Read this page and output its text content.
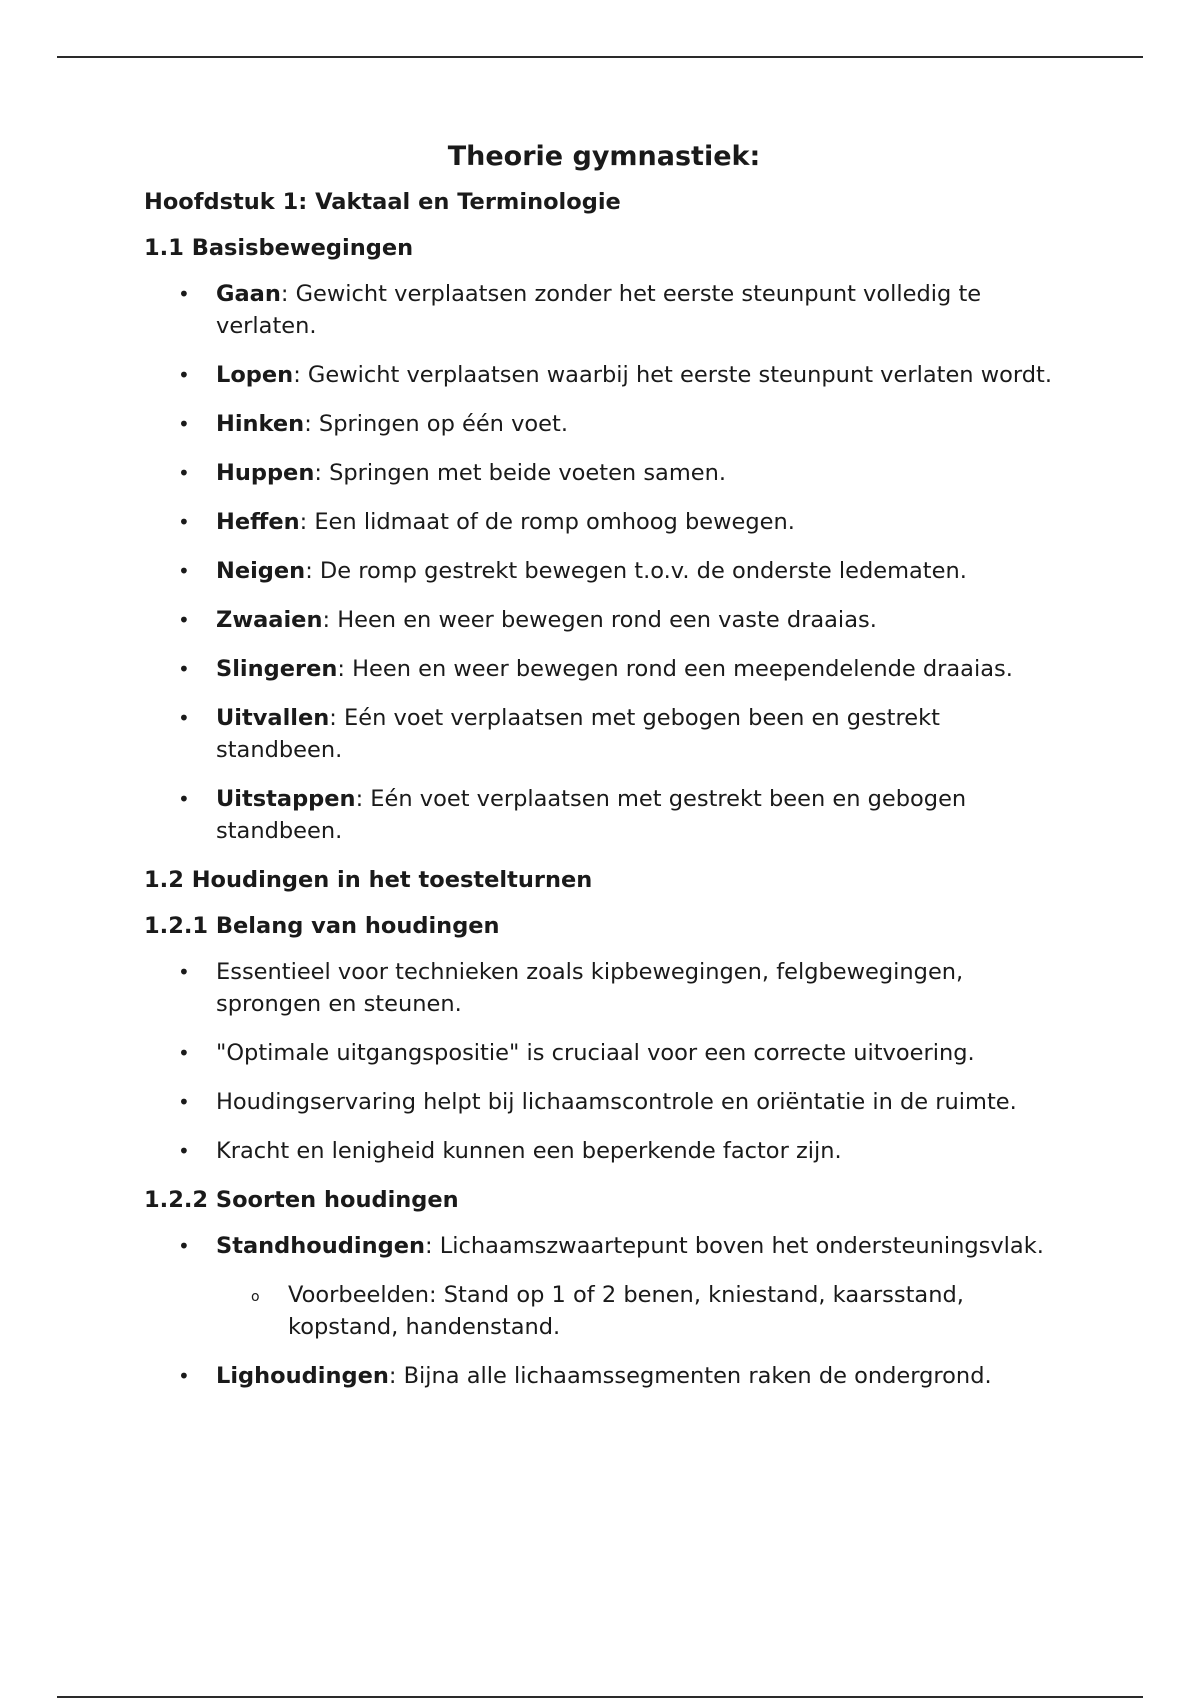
Theorie gymnastiek:
Hoofdstuk 1: Vaktaal en Terminologie
1.1 Basisbewegingen
• Gaan: Gewicht verplaatsen zonder het eerste steunpunt volledig te verlaten.
• Lopen: Gewicht verplaatsen waarbij het eerste steunpunt verlaten wordt.
• Hinken: Springen op één voet.
• Huppen: Springen met beide voeten samen.
• Heffen: Een lidmaat of de romp omhoog bewegen.
• Neigen: De romp gestrekt bewegen t.o.v. de onderste ledematen.
• Zwaaien: Heen en weer bewegen rond een vaste draaias.
• Slingeren: Heen en weer bewegen rond een meependelende draaias.
• Uitvallen: Eén voet verplaatsen met gebogen been en gestrekt standbeen.
• Uitstappen: Eén voet verplaatsen met gestrekt been en gebogen standbeen.
1.2 Houdingen in het toestelturnen
1.2.1 Belang van houdingen
• Essentieel voor technieken zoals kipbewegingen, felgbewegingen, sprongen en steunen.
• "Optimale uitgangspositie" is cruciaal voor een correcte uitvoering.
• Houdingservaring helpt bij lichaamscontrole en oriëntatie in de ruimte.
• Kracht en lenigheid kunnen een beperkende factor zijn.
1.2.2 Soorten houdingen
• Standhoudingen: Lichaamszwaartepunt boven het ondersteuningsvlak.
o Voorbeelden: Stand op 1 of 2 benen, kniestand, kaarsstand, kopstand, handenstand.
• Lighoudingen: Bijna alle lichaamssegmenten raken de ondergrond.
